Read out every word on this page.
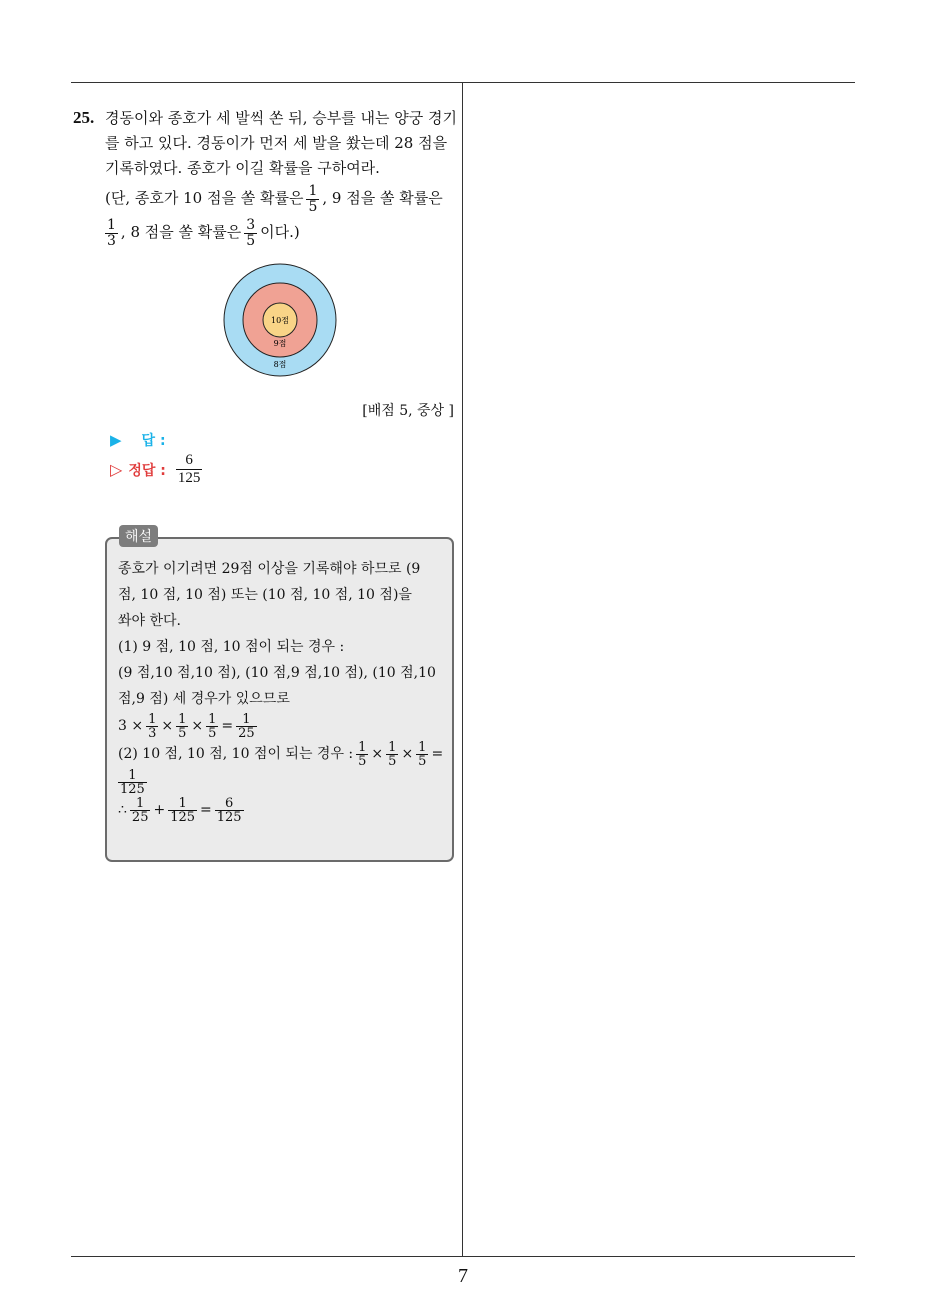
25. 경동이와 종호가 세 발씩 쏜 뒤, 승부를 내는 양궁 경기

를 하고 있다. 경동이가 먼저 세 발을 쐈는데 28 점을

기록하였다. 종호가 이길 확률을 구하여라.

(단, 종호가 10 점을 쏠 확률은 $\frac{1}{5}$ , 9 점을 쏠 확률은

$\frac{1}{3}$ , 8 점을 쏠 확률은 $\frac{3}{5}$ 이다.)

10점
9점
8점
[배점 5, 중상 ]
▶ 답 :
▷ 정답 : $\frac{6}{125}$
해설

종호가 이기려면 29점 이상을 기록해야 하므로 (9

점, 10 점, 10 점) 또는 (10 점, 10 점, 10 점)을

쏴야 한다.

(1) 9 점, 10 점, 10 점이 되는 경우 :

(9 점,10 점,10 점), (10 점,9 점,10 점), (10 점,10

점,9 점) 세 경우가 있으므로

$3 \times \frac{1}{3} \times \frac{1}{5} \times \frac{1}{5} = \frac{1}{25}$

(2) 10 점, 10 점, 10 점이 되는 경우 : $\frac{1}{5} \times \frac{1}{5} \times \frac{1}{5}$ =

$\frac{1}{125}$

∴ $\frac{1}{25} + \frac{1}{125} = \frac{6}{125}$

7
